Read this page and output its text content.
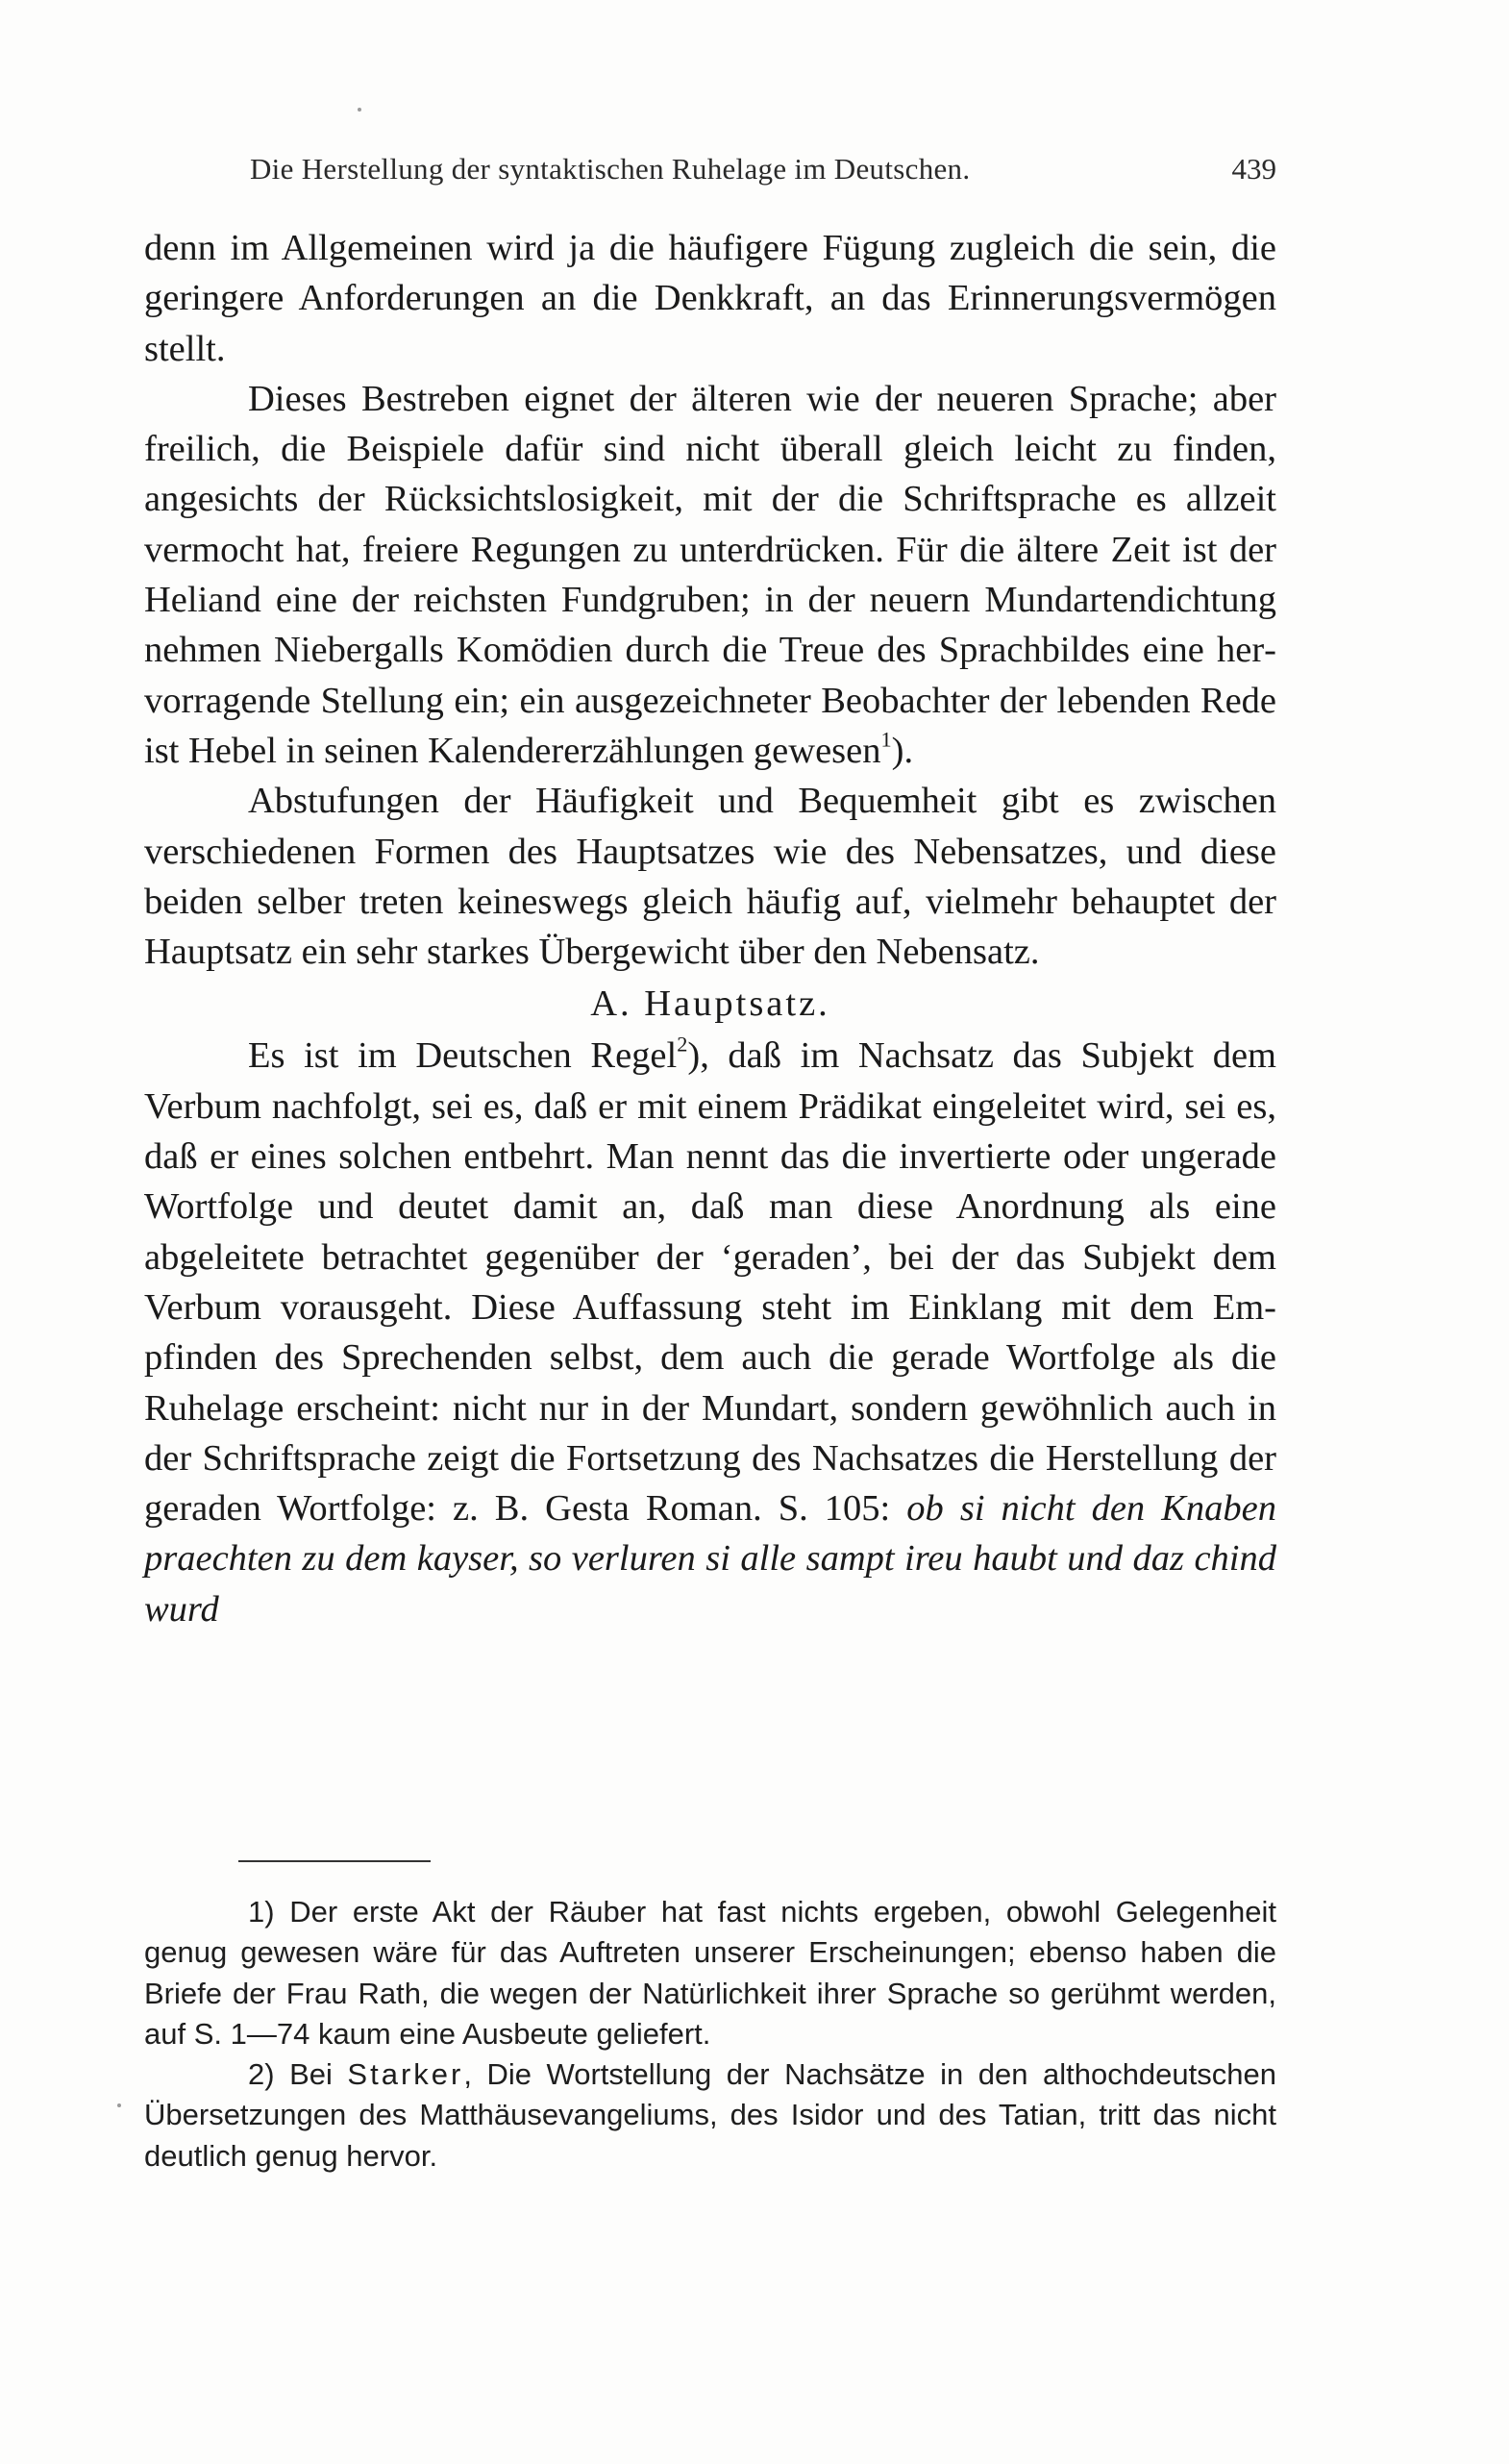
Die Herstellung der syntaktischen Ruhelage im Deutschen.	439

denn im Allgemeinen wird ja die häufigere Fügung zugleich die sein, die geringere Anforderungen an die Denkkraft, an das Erinnerungsvermögen stellt.

Dieses Bestreben eignet der älteren wie der neueren Sprache; aber freilich, die Beispiele dafür sind nicht überall gleich leicht zu finden, angesichts der Rücksichtslosigkeit, mit der die Schriftsprache es allzeit vermocht hat, freiere Regungen zu unterdrücken. Für die ältere Zeit ist der Heliand eine der reichsten Fundgruben; in der neuern Mundartendichtung nehmen Niebergalls Komödien durch die Treue des Sprachbildes eine hervorragende Stellung ein; ein ausgezeichneter Beobachter der lebenden Rede ist Hebel in seinen Kalendererzählungen gewesen$^1$).

Abstufungen der Häufigkeit und Bequemheit gibt es zwischen verschiedenen Formen des Hauptsatzes wie des Nebensatzes, und diese beiden selber treten keineswegs gleich häufig auf, vielmehr behauptet der Hauptsatz ein sehr starkes Übergewicht über den Nebensatz.

A. Hauptsatz.

Es ist im Deutschen Regel$^2$), daß im Nachsatz das Subjekt dem Verbum nachfolgt, sei es, daß er mit einem Prädikat eingeleitet wird, sei es, daß er eines solchen entbehrt. Man nennt das die invertierte oder ungerade Wortfolge und deutet damit an, daß man diese Anordnung als eine abgeleitete betrachtet gegenüber der ‘geraden’, bei der das Subjekt dem Verbum vorausgeht. Diese Auffassung steht im Einklang mit dem Empfinden des Sprechenden selbst, dem auch die gerade Wortfolge als die Ruhelage erscheint: nicht nur in der Mundart, sondern gewöhnlich auch in der Schriftsprache zeigt die Fortsetzung des Nachsatzes die Herstellung der geraden Wortfolge: z. B. Gesta Roman. S. 105: ob si nicht den Knaben praechten zu dem kayser, so verluren si alle sampt ireu haubt und daz chind wurd

1) Der erste Akt der Räuber hat fast nichts ergeben, obwohl Gelegenheit genug gewesen wäre für das Auftreten unserer Erscheinungen; ebenso haben die Briefe der Frau Rath, die wegen der Natürlichkeit ihrer Sprache so gerühmt werden, auf S. 1—74 kaum eine Ausbeute geliefert.

2) Bei Starker, Die Wortstellung der Nachsätze in den althochdeutschen Übersetzungen des Matthäusevangeliums, des Isidor und des Tatian, tritt das nicht deutlich genug hervor.
